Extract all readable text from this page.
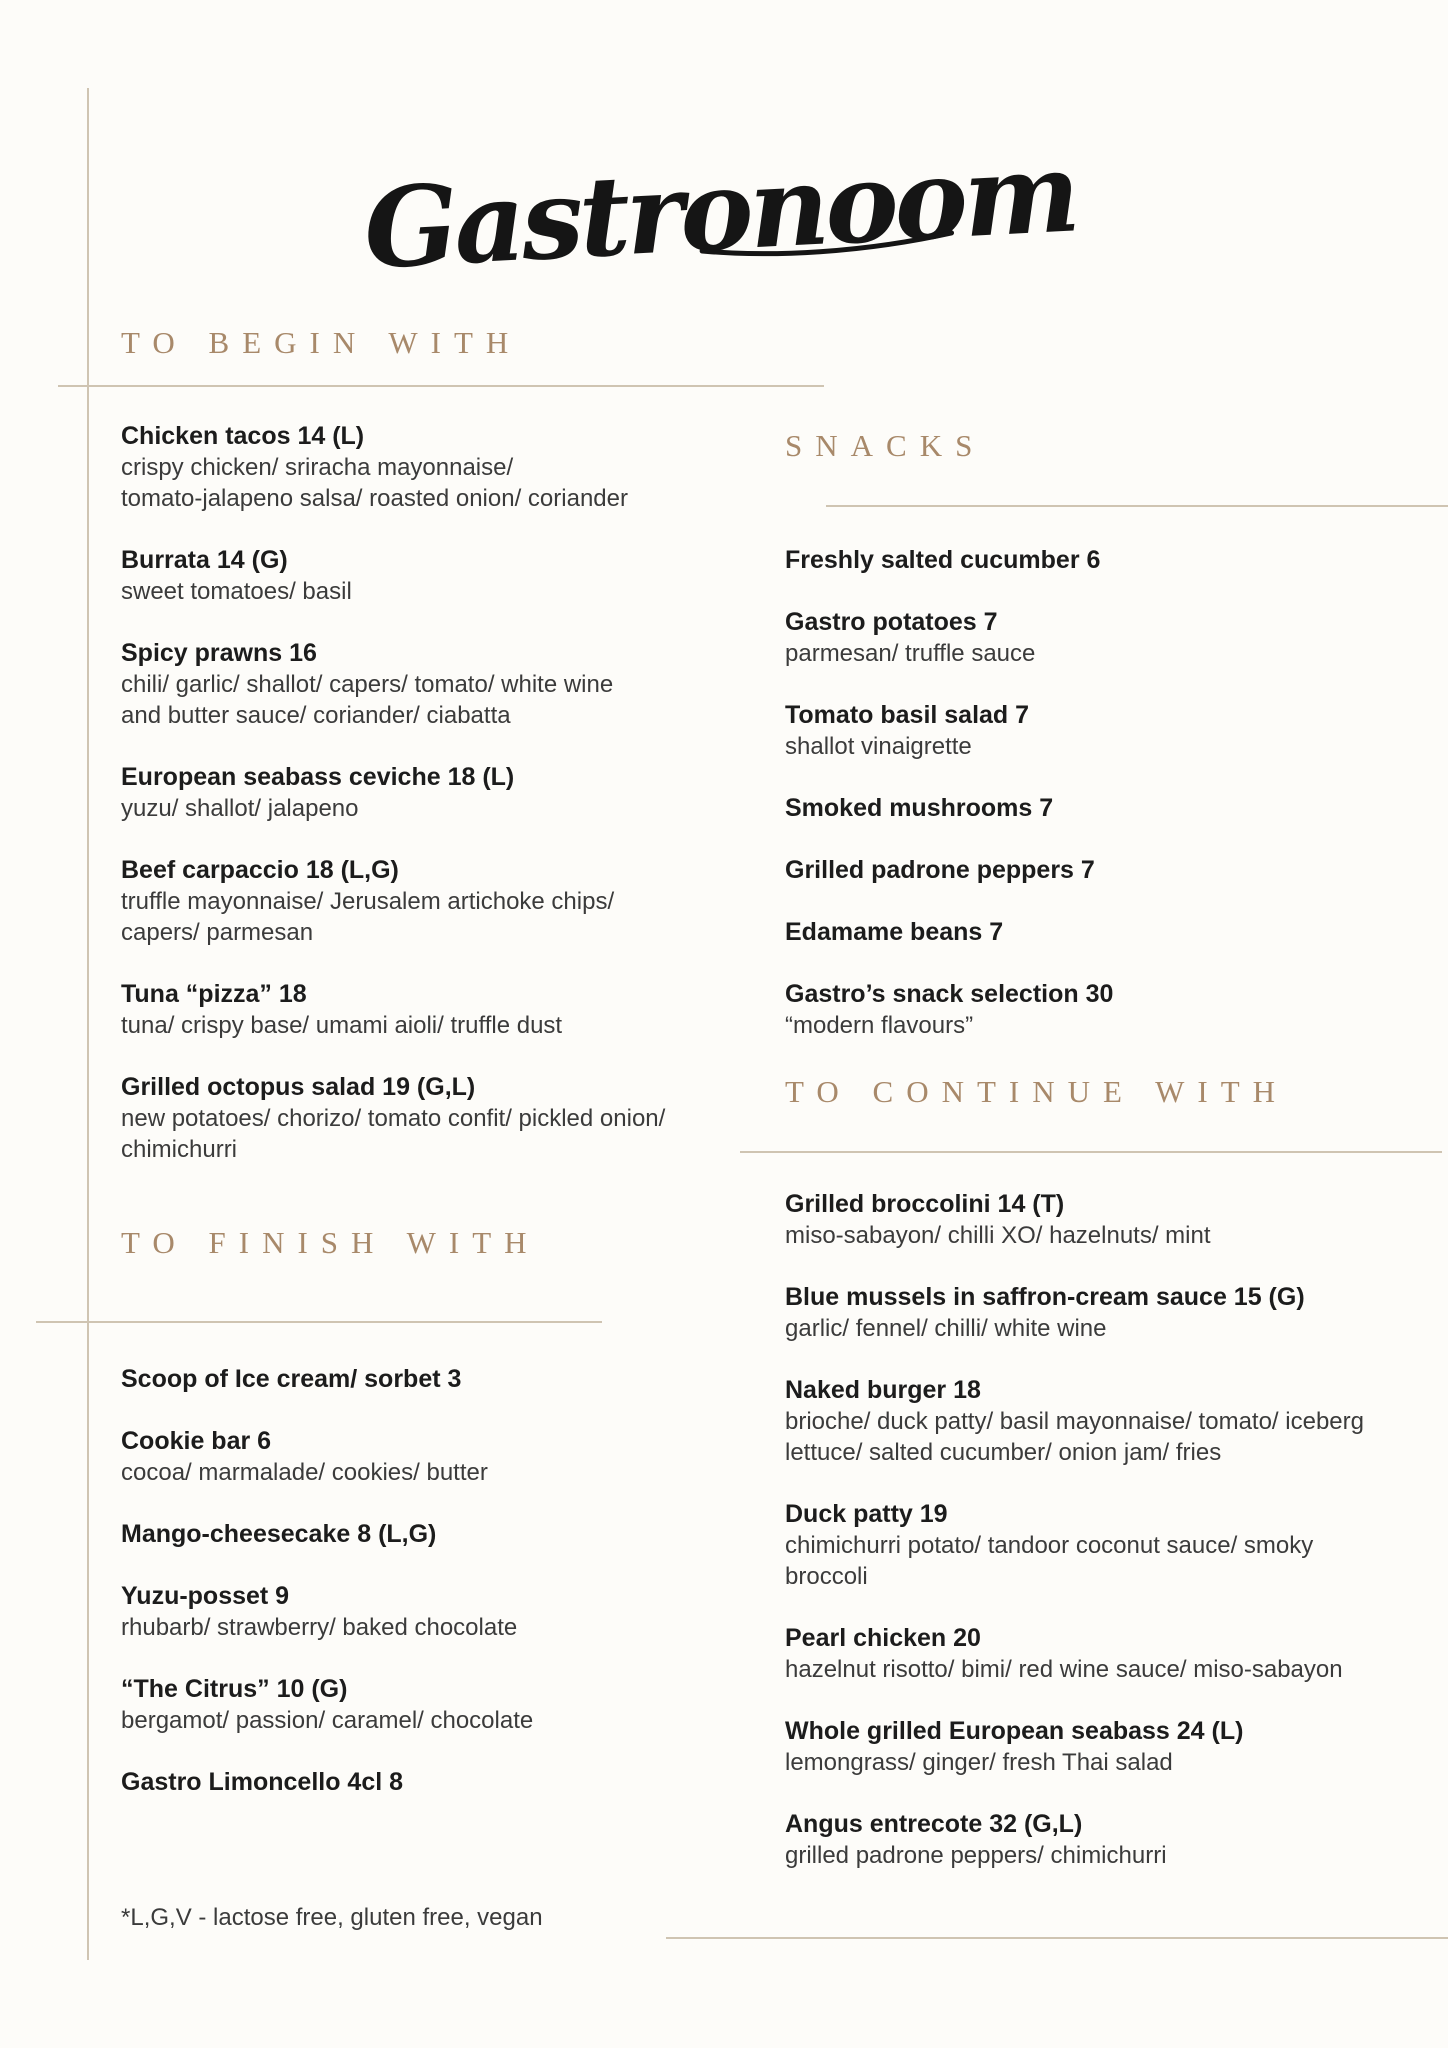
Gastronoom
TO BEGIN WITH
SNACKS
TO CONTINUE WITH
TO FINISH WITH
Chicken tacos 14 (L)
crispy chicken/ sriracha mayonnaise/
tomato-jalapeno salsa/ roasted onion/ coriander
Burrata 14 (G)
sweet tomatoes/ basil
Spicy prawns 16
chili/ garlic/ shallot/ capers/ tomato/ white wine
and butter sauce/ coriander/ ciabatta
European seabass ceviche 18 (L)
yuzu/ shallot/ jalapeno
Beef carpaccio 18 (L,G)
truffle mayonnaise/ Jerusalem artichoke chips/
capers/ parmesan
Tuna “pizza” 18
tuna/ crispy base/ umami aioli/ truffle dust
Grilled octopus salad 19 (G,L)
new potatoes/ chorizo/ tomato confit/ pickled onion/
chimichurri
Scoop of Ice cream/ sorbet 3
Cookie bar 6
cocoa/ marmalade/ cookies/ butter
Mango-cheesecake 8 (L,G)
Yuzu-posset 9
rhubarb/ strawberry/ baked chocolate
“The Citrus” 10 (G)
bergamot/ passion/ caramel/ chocolate
Gastro Limoncello 4cl 8
Freshly salted cucumber 6
Gastro potatoes 7
parmesan/ truffle sauce
Tomato basil salad 7
shallot vinaigrette
Smoked mushrooms 7
Grilled padrone peppers 7
Edamame beans 7
Gastro’s snack selection 30
“modern flavours”
Grilled broccolini 14 (T)
miso-sabayon/ chilli XO/ hazelnuts/ mint
Blue mussels in saffron-cream sauce 15 (G)
garlic/ fennel/ chilli/ white wine
Naked burger 18
brioche/ duck patty/ basil mayonnaise/ tomato/ iceberg
lettuce/ salted cucumber/ onion jam/ fries
Duck patty 19
chimichurri potato/ tandoor coconut sauce/ smoky
broccoli
Pearl chicken 20
hazelnut risotto/ bimi/ red wine sauce/ miso-sabayon
Whole grilled European seabass 24 (L)
lemongrass/ ginger/ fresh Thai salad
Angus entrecote 32 (G,L)
grilled padrone peppers/ chimichurri
*L,G,V - lactose free, gluten free, vegan
